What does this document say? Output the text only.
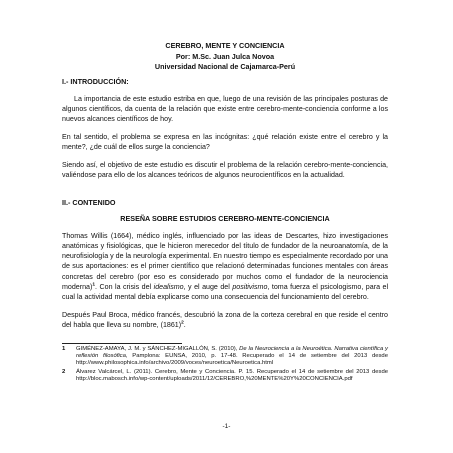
CEREBRO, MENTE Y CONCIENCIA
Por: M.Sc. Juan Julca Novoa
Universidad Nacional de Cajamarca-Perú
I.- INTRODUCCIÓN:

La importancia de este estudio estriba en que, luego de una revisión de las principales posturas de algunos científicos, da cuenta de la relación que existe entre cerebro-mente-conciencia conforme a los nuevos alcances científicos de hoy.

En tal sentido, el problema se expresa en las incógnitas: ¿qué relación existe entre el cerebro y la mente?, ¿de cuál de ellos surge la conciencia?

Siendo así, el objetivo de este estudio es discutir el problema de la relación cerebro-mente-conciencia, valiéndose para ello de los alcances teóricos de algunos neurocientíficos en la actualidad.

II.- CONTENIDO
RESEÑA SOBRE ESTUDIOS CEREBRO-MENTE-CONCIENCIA

Thomas Willis (1664), médico inglés, influenciado por las ideas de Descartes, hizo investigaciones anatómicas y fisiológicas, que le hicieron merecedor del título de fundador de la neuroanatomía, de la neurofisiología y de la neurología experimental. En nuestro tiempo es especialmente recordado por una de sus aportaciones: es el primer científico que relacionó determinadas funciones mentales con áreas concretas del cerebro (por eso es considerado por muchos como el fundador de la neurociencia moderna)$^1$. Con la crisis del idealismo, y el auge del positivismo, toma fuerza el psicologismo, para el cual la actividad mental debía explicarse como una consecuencia del funcionamiento del cerebro.

Después Paul Broca, médico francés, descubrió la zona de la corteza cerebral en que reside el centro del habla que lleva su nombre, $(1861)^2$.

1 GIMÉNEZ-AMAYA, J. M. y SÁNCHEZ-MIGALLÓN, S. (2010), De la Neurociencia a la Neuroética. Narrativa científica y reflexión filosófica, Pamplona: EUNSA, 2010, p. 17-48. Recuperado el 14 de setiembre del 2013 desde http://www.philosophica.info/archivo/2009/voces/neuroetica/Neuroetica.html
2 Álvarez Valcárcel, L. (2011). Cerebro, Mente y Conciencia. P. 15. Recuperado el 14 de setiembre del 2013 desde http://bloc.mabosch.info/wp-content/uploads/2011/12/CEREBRO,%20MENTE%20Y%20CONCIENCIA.pdf
-1-
